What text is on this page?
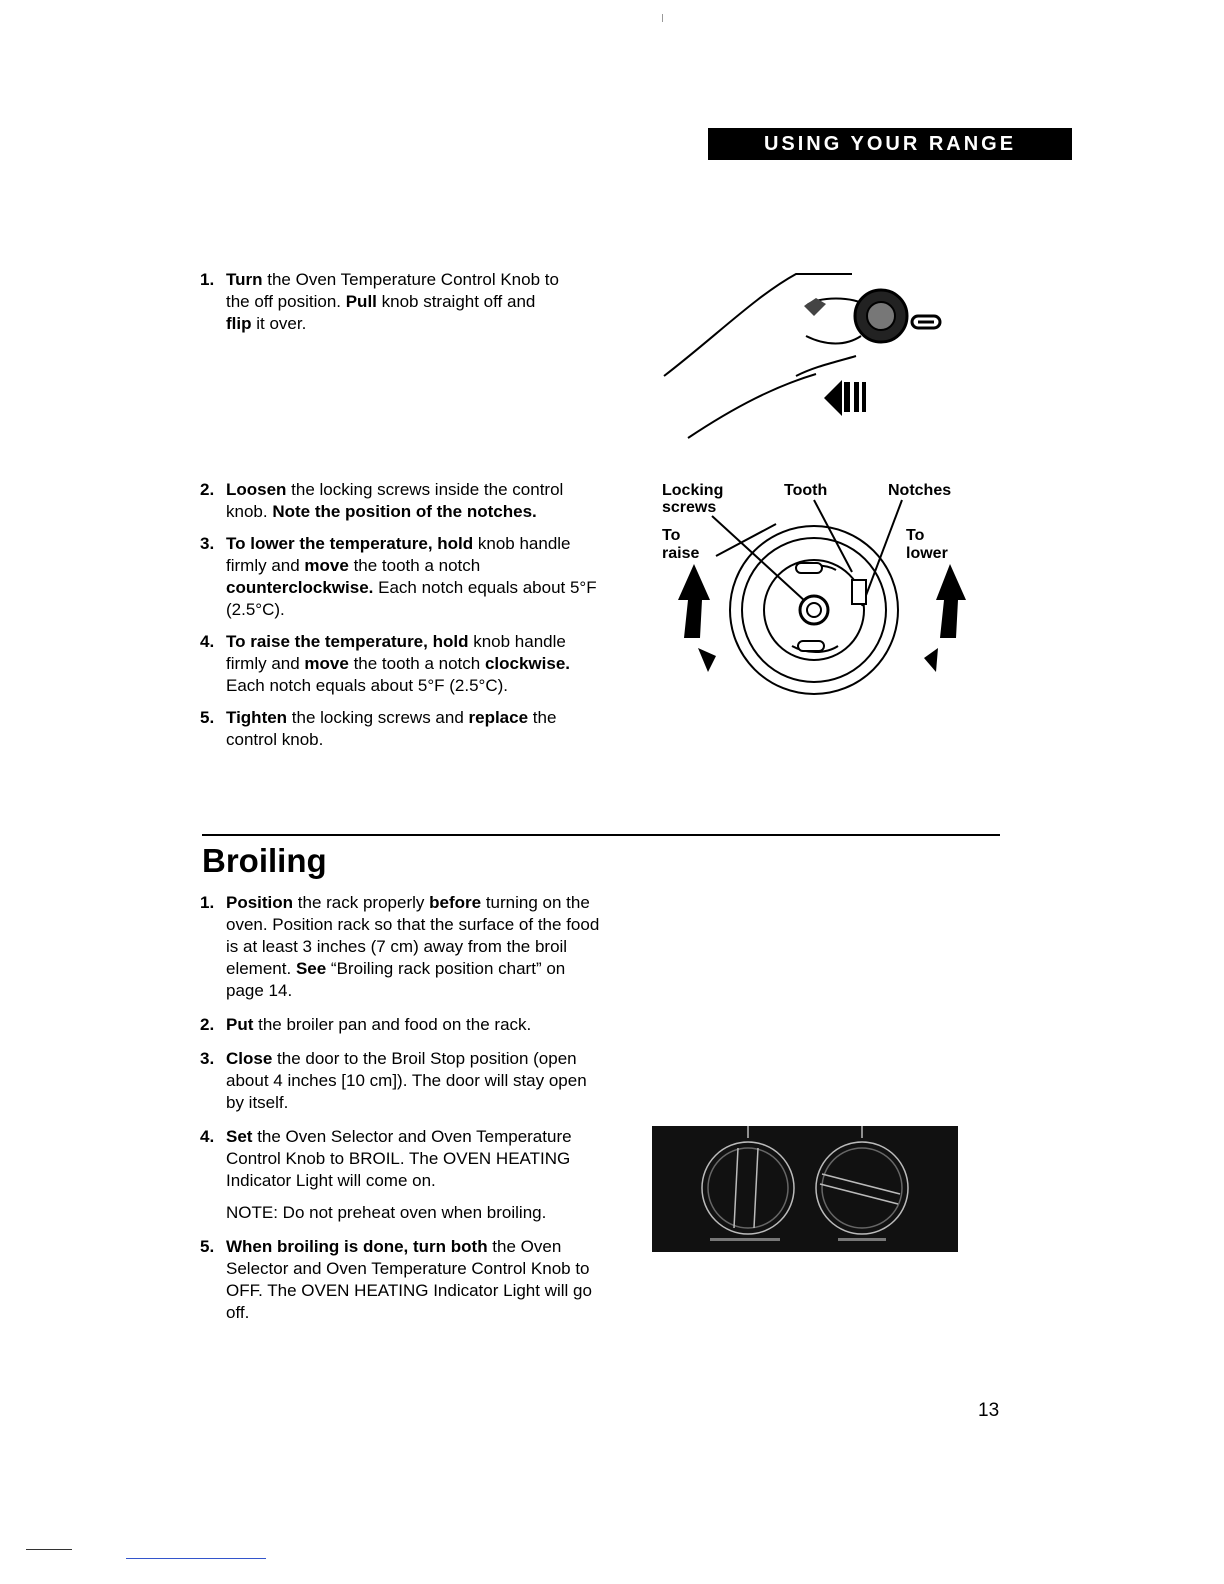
USING YOUR RANGE
1. Turn the Oven Temperature Control Knob to the off position. Pull knob straight off and flip it over.
2. Loosen the locking screws inside the control knob. Note the position of the notches.
3. To lower the temperature, hold knob handle firmly and move the tooth a notch counterclockwise. Each notch equals about 5°F (2.5°C).
4. To raise the temperature, hold knob handle firmly and move the tooth a notch clockwise. Each notch equals about 5°F (2.5°C).
5. Tighten the locking screws and replace the control knob.
Locking
screws
Tooth	Notches
To
raise
To
lower
Broiling
1. Position the rack properly before turning on the oven. Position rack so that the surface of the food is at least 3 inches (7 cm) away from the broil element. See “Broiling rack position chart” on page 14.
2. Put the broiler pan and food on the rack.
3. Close the door to the Broil Stop position (open about 4 inches [10 cm]). The door will stay open by itself.
4. Set the Oven Selector and Oven Temperature Control Knob to BROIL. The OVEN HEATING Indicator Light will come on.
NOTE: Do not preheat oven when broiling.
5. When broiling is done, turn both the Oven Selector and Oven Temperature Control Knob to OFF. The OVEN HEATING Indicator Light will go off.
13
